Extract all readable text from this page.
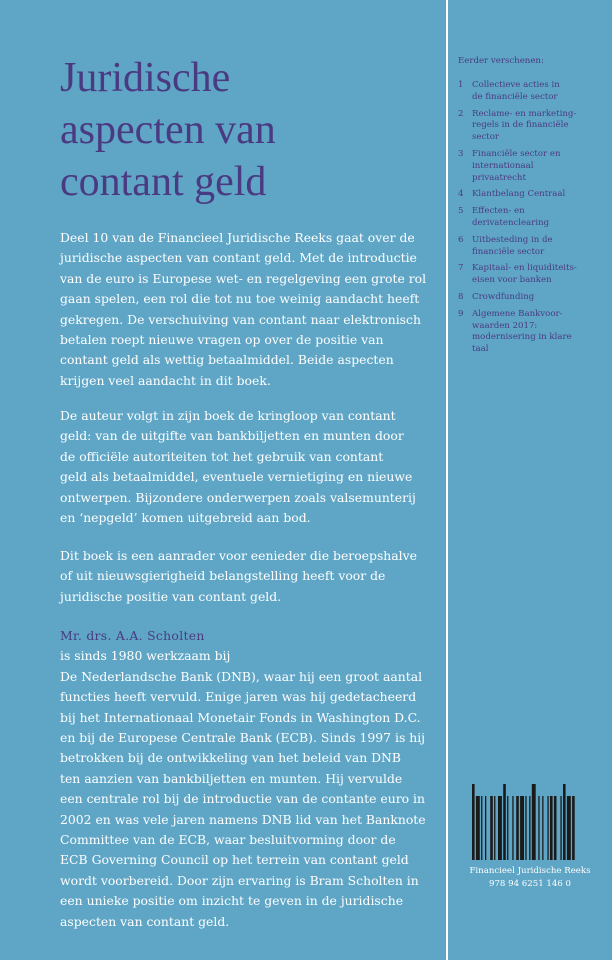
Juridische
aspecten van
contant geld

Deel 10 van de Financieel Juridische Reeks gaat over de
juridische aspecten van contant geld. Met de introductie
van de euro is Europese wet- en regelgeving een grote rol
gaan spelen, een rol die tot nu toe weinig aandacht heeft
gekregen. De verschuiving van contant naar elektronisch
betalen roept nieuwe vragen op over de positie van
contant geld als wettig betaalmiddel. Beide aspecten
krijgen veel aandacht in dit boek.

De auteur volgt in zijn boek de kringloop van contant
geld: van de uitgifte van bankbiljetten en munten door
de officiële autoriteiten tot het gebruik van contant
geld als betaalmiddel, eventuele vernietiging en nieuwe
ontwerpen. Bijzondere onderwerpen zoals valsemunterij
en ‘nepgeld’ komen uitgebreid aan bod.

Dit boek is een aanrader voor eenieder die beroepshalve
of uit nieuwsgierigheid belangstelling heeft voor de
juridische positie van contant geld.

Mr. drs. A.A. Scholten
is sinds 1980 werkzaam bij
De Nederlandsche Bank (DNB), waar hij een groot aantal
functies heeft vervuld. Enige jaren was hij gedetacheerd
bij het Internationaal Monetair Fonds in Washington D.C.
en bij de Europese Centrale Bank (ECB). Sinds 1997 is hij
betrokken bij de ontwikkeling van het beleid van DNB
ten aanzien van bankbiljetten en munten. Hij vervulde
een centrale rol bij de introductie van de contante euro in
2002 en was vele jaren namens DNB lid van het Banknote
Committee van de ECB, waar besluitvorming door de
ECB Governing Council op het terrein van contant geld
wordt voorbereid. Door zijn ervaring is Bram Scholten in
een unieke positie om inzicht te geven in de juridische
aspecten van contant geld.

Eerder verschenen:
1 Collectieve acties in
de financiële sector
2 Reclame- en marketing-
regels in de financiële
sector
3 Financiële sector en
internationaal
privaatrecht
4 Klantbelang Centraal
5 Effecten- en
derivatenclearing
6 Uitbesteding in de
financiële sector
7 Kapitaal- en liquiditeits-
eisen voor banken
8 Crowdfunding
9 Algemene Bankvoor-
waarden 2017:
modernisering in klare
taal

Financieel Juridische Reeks

978 94 6251 146 0
